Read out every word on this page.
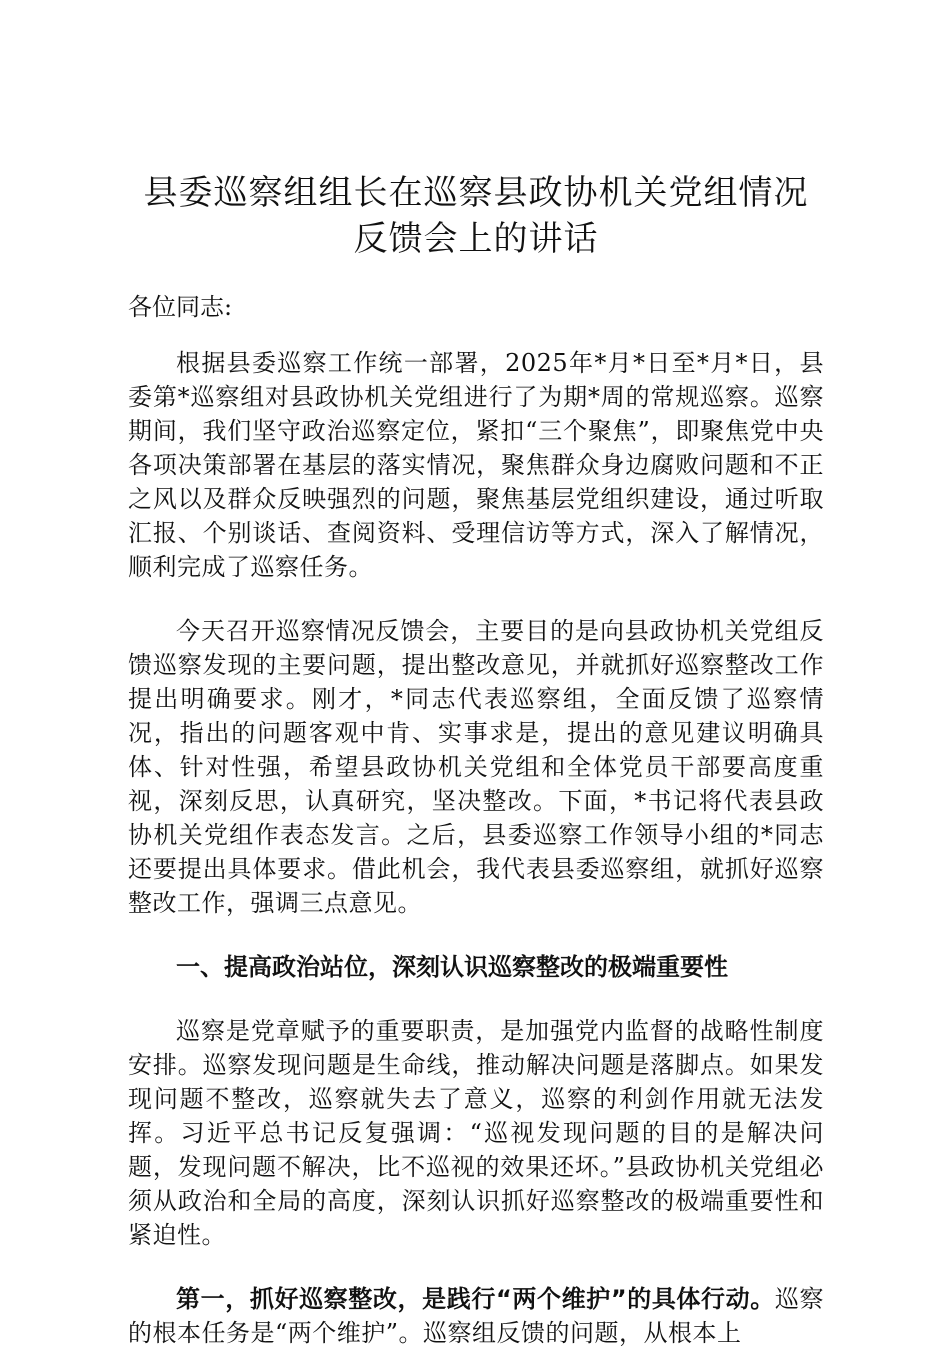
县委巡察组组长在巡察县政协机关党组情况反馈会上的讲话

各位同志:

根据县委巡察工作统一部署，2025年*月*日至*月*日，县委第*巡察组对县政协机关党组进行了为期*周的常规巡察。巡察期间，我们坚守政治巡察定位，紧扣“三个聚焦”，即聚焦党中央各项决策部署在基层的落实情况，聚焦群众身边腐败问题和不正之风以及群众反映强烈的问题，聚焦基层党组织建设，通过听取汇报、个别谈话、查阅资料、受理信访等方式，深入了解情况，顺利完成了巡察任务。

今天召开巡察情况反馈会，主要目的是向县政协机关党组反馈巡察发现的主要问题，提出整改意见，并就抓好巡察整改工作提出明确要求。刚才，*同志代表巡察组，全面反馈了巡察情况，指出的问题客观中肯、实事求是，提出的意见建议明确具体、针对性强，希望县政协机关党组和全体党员干部要高度重视，深刻反思，认真研究，坚决整改。下面，*书记将代表县政协机关党组作表态发言。之后，县委巡察工作领导小组的*同志还要提出具体要求。借此机会，我代表县委巡察组，就抓好巡察整改工作，强调三点意见。

一、提高政治站位，深刻认识巡察整改的极端重要性

巡察是党章赋予的重要职责，是加强党内监督的战略性制度安排。巡察发现问题是生命线，推动解决问题是落脚点。如果发现问题不整改，巡察就失去了意义，巡察的利剑作用就无法发挥。习近平总书记反复强调：“巡视发现问题的目的是解决问题，发现问题不解决，比不巡视的效果还坏。”县政协机关党组必须从政治和全局的高度，深刻认识抓好巡察整改的极端重要性和紧迫性。

第一，抓好巡察整改，是践行“两个维护”的具体行动。巡察的根本任务是“两个维护”。巡察组反馈的问题，从根本上
